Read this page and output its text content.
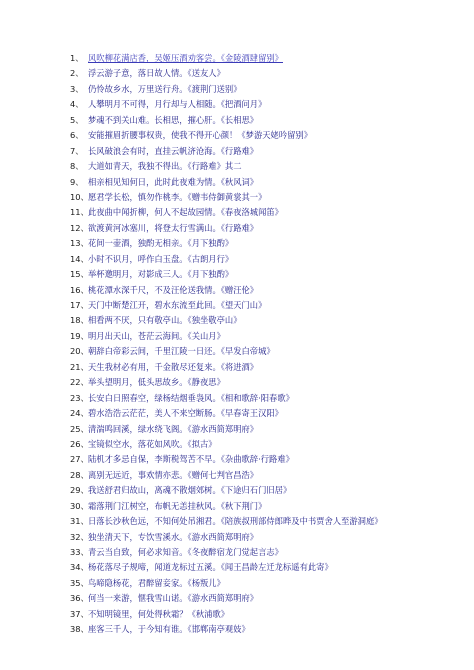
1、 风吹柳花满店香，吴姬压酒劝客尝。《金陵酒肆留别》
2、 浮云游子意，落日故人情。《送友人》
3、 仍怜故乡水，万里送行舟。《渡荆门送别》
4、 人攀明月不可得，月行却与人相随。《把酒问月》
5、 梦魂不到关山难。长相思，摧心肝。《长相思》
6、 安能摧眉折腰事权贵，使我不得开心颜！《梦游天姥吟留别》
7、 长风破浪会有时，直挂云帆济沧海。《行路难》
8、 大道如青天，我独不得出。《行路难》其二
9、 相亲相见知何日，此时此夜难为情。《秋风词》
10、 愿君学长松，慎勿作桃李。《赠韦侍御黄裳其一》
11、 此夜曲中闻折柳，何人不起故园情。《春夜洛城闻笛》
12、 欲渡黄河冰塞川，将登太行雪满山。《行路难》
13、 花间一壶酒，独酌无相亲。《月下独酌》
14、 小时不识月，呼作白玉盘。《古朗月行》
15、 举杯邀明月，对影成三人。《月下独酌》
16、 桃花潭水深千尺，不及汪伦送我情。《赠汪伦》
17、 天门中断楚江开，碧水东流至此回。《望天门山》
18、 相看两不厌，只有敬亭山。《独坐敬亭山》
19、 明月出天山，苍茫云海间。《关山月》
20、 朝辞白帝彩云间，千里江陵一日还。《早发白帝城》
21、 天生我材必有用，千金散尽还复来。《将进酒》
22、 举头望明月，低头思故乡。《静夜思》
23、 长安白日照春空，绿杨结烟垂袅风。《相和歌辞·阳春歌》
24、 碧水浩浩云茫茫，美人不来空断肠。《早春寄王汉阳》
25、 清湍鸣回溪，绿水绕飞阁。《游水西简郑明府》
26、 宝镜似空水，落花如风吹。《拟古》
27、 陆机才多忌自保，李斯税驾苦不早。《杂曲歌辞·行路难》
28、 离别无远近，事欢情亦悲。《赠何七判官昌浩》
29、 我送舒君归故山，离魂不散烟郊树。《下途归石门旧居》
30、 霜落荆门江树空，布帆无恙挂秋风。《秋下荆门》
31、 日落长沙秋色远，不知何处吊湘君。《陪族叔刑部侍郎晔及中书贾舍人至游洞庭》
32、 独坐清天下，专饮雪溪水。《游水西简郑明府》
33、 青云当自致，何必求知音。《冬夜醉宿龙门觉起言志》
34、 杨花落尽子规啼，闻道龙标过五溪。《闻王昌龄左迁龙标遥有此寄》
35、 鸟啼隐杨花，君醉留妾家。《杨叛儿》
36、 何当一来游，惬我雪山诺。《游水西简郑明府》
37、 不知明镜里，何处得秋霜？《秋浦歌》
38、 座客三千人，于今知有谁。《邯郸南亭观妓》
